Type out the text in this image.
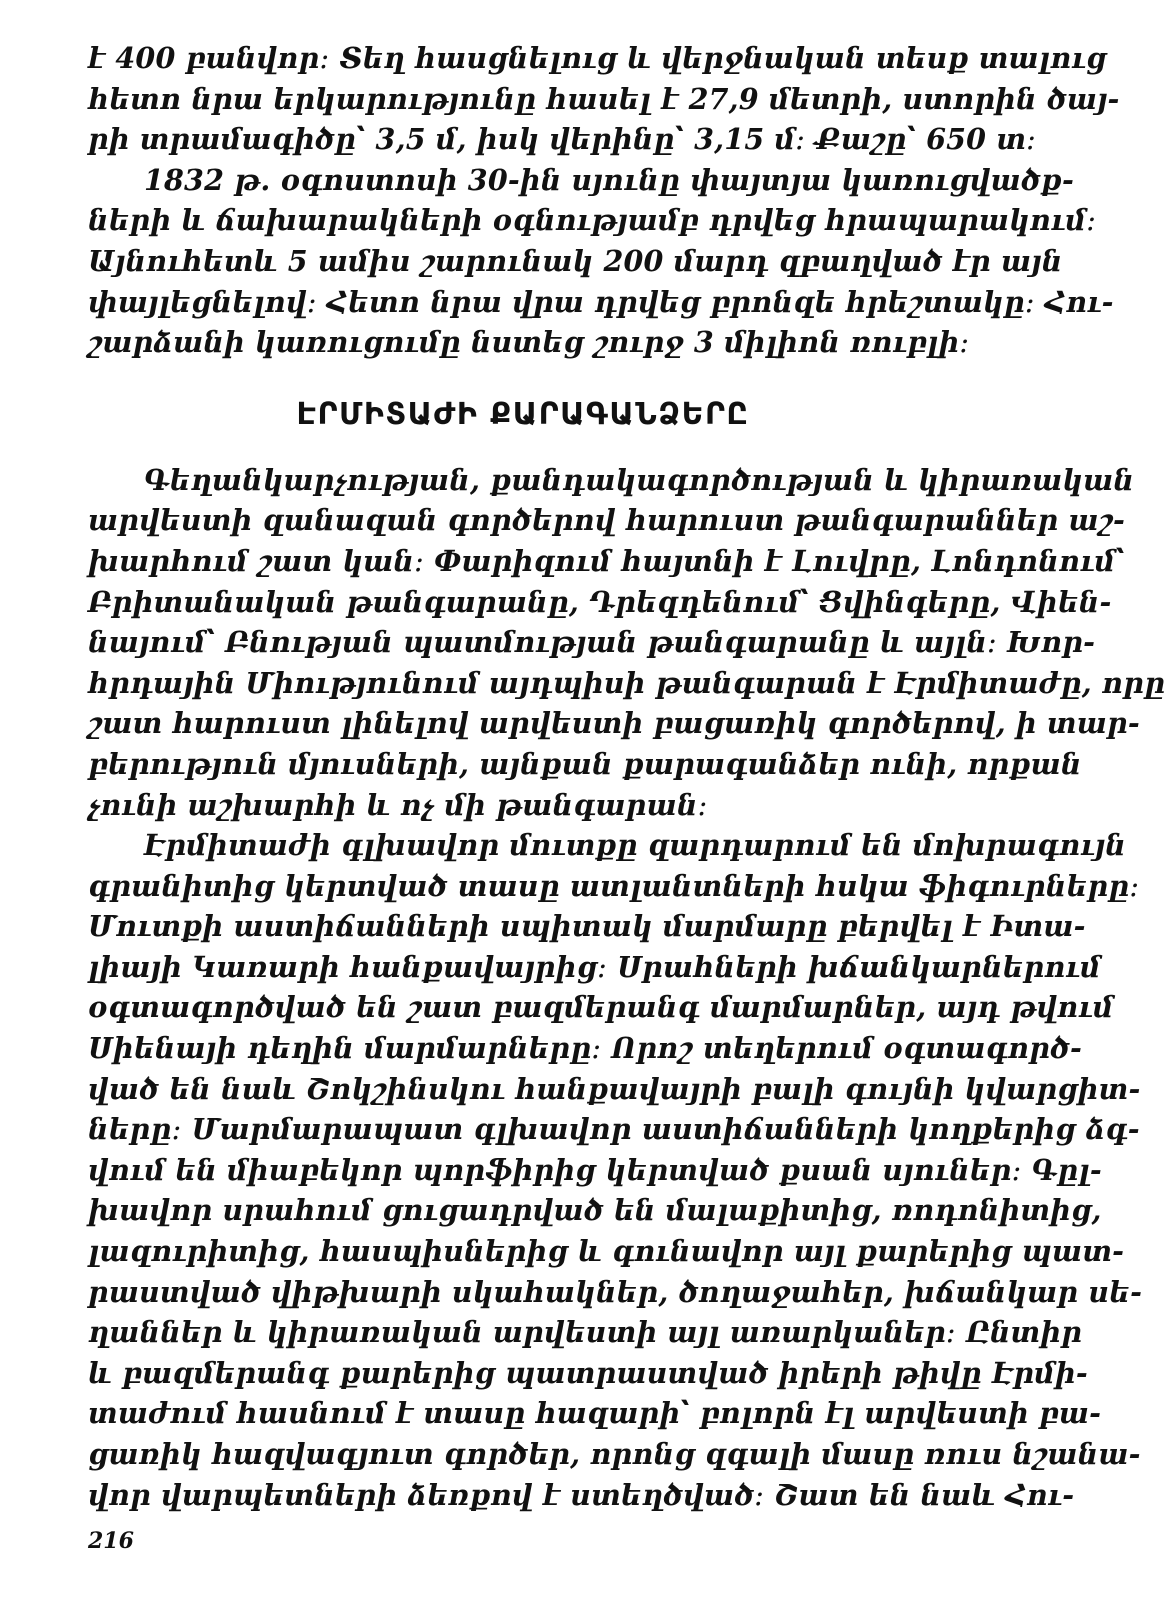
է 400 բանվոր։ Տեղ հասցնելուց և վերջնական տեսք տալուց
հետո նրա երկարությունը հասել է 27,9 մետրի, ստորին ծայ-
րի տրամագիծը՝ 3,5 մ, իսկ վերինը՝ 3,15 մ։ Քաշը՝ 650 տ։
1832 թ. օգոստոսի 30-ին սյունը փայտյա կառուցվածք-
ների և ճախարակների օգնությամբ դրվեց հրապարակում։
Այնուհետև 5 ամիս շարունակ 200 մարդ զբաղված էր այն
փայլեցնելով։ Հետո նրա վրա դրվեց բրոնզե հրեշտակը։ Հու-
շարձանի կառուցումը նստեց շուրջ 3 միլիոն ռուբլի։

ԷՐՄԻՏԱԺԻ ՔԱՐԱԳԱՆՁԵՐԸ

Գեղանկարչության, քանդակագործության և կիրառական
արվեստի զանազան գործերով հարուստ թանգարաններ աշ-
խարհում շատ կան։ Փարիզում հայտնի է Լուվրը, Լոնդոնում՝
Բրիտանական թանգարանը, Դրեզդենում՝ Ցվինգերը, Վիեն-
նայում՝ Բնության պատմության թանգարանը և այլն։ Խոր-
հրդային Միությունում այդպիսի թանգարան է Էրմիտաժը, որը
շատ հարուստ լինելով արվեստի բացառիկ գործերով, ի տար-
բերություն մյուսների, այնքան քարագանձեր ունի, որքան
չունի աշխարհի և ոչ մի թանգարան։

Էրմիտաժի գլխավոր մուտքը զարդարում են մոխրագույն
գրանիտից կերտված տասը ատլանտների հսկա ֆիգուրները։
Մուտքի աստիճանների սպիտակ մարմարը բերվել է Իտա-
լիայի Կառարի հանքավայրից։ Սրահների խճանկարներում
օգտագործված են շատ բազմերանգ մարմարներ, այդ թվում
Սիենայի դեղին մարմարները։ Որոշ տեղերում օգտագործ-
ված են նաև Շոկշինսկու հանքավայրի բալի գույնի կվարցիտ-
ները։ Մարմարապատ գլխավոր աստիճանների կողքերից ձգ-
վում են միաբեկոր պորֆիրից կերտված քսան սյուներ։ Գըլ-
խավոր սրահում ցուցադրված են մալաքիտից, ռոդոնիտից,
լազուրիտից, հասպիսներից և գունավոր այլ քարերից պատ-
րաստված վիթխարի սկահակներ, ծողաջահեր, խճանկար սե-
ղաններ և կիրառական արվեստի այլ առարկաներ։ Ընտիր
և բազմերանգ քարերից պատրաստված իրերի թիվը Էրմի-
տաժում հասնում է տասը հազարի՝ բոլորն էլ արվեստի բա-
ցառիկ հազվագյուտ գործեր, որոնց զգալի մասը ռուս նշանա-
վոր վարպետների ձեռքով է ստեղծված։ Շատ են նաև Հու-

216
